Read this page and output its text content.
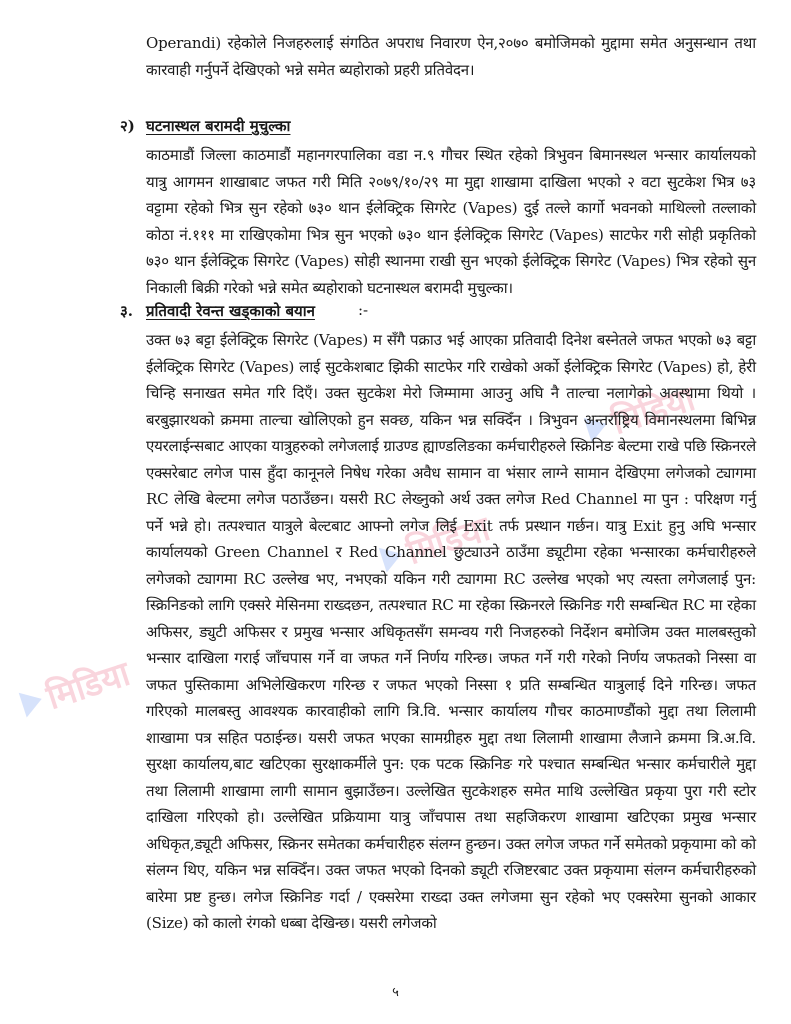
मिडिया
मिडिया
मिडिया

Operandi) रहेकोले निजहरुलाई संगठित अपराध निवारण ऐन,२०७० बमोजिमको मुद्दामा समेत अनुसन्धान तथा कारवाही गर्नुपर्ने देखिएको भन्ने समेत ब्यहोराको प्रहरी प्रतिवेदन।

२) घटनास्थल बरामदी मुचुल्का

काठमाडौं जिल्ला काठमाडौं महानगरपालिका वडा न.९ गौचर स्थित रहेको त्रिभुवन बिमानस्थल भन्सार कार्यालयको यात्रु आगमन शाखाबाट जफत गरी मिति २०७९/१०/२९ मा मुद्दा शाखामा दाखिला भएको २ वटा सुटकेश भित्र ७३ वट्टामा रहेको भित्र सुन रहेको ७३० थान ईलेक्ट्रिक सिगरेट (Vapes) दुई तल्ले कार्गो भवनको माथिल्लो तल्लाको कोठा नं.१११ मा राखिएकोमा भित्र सुन भएको ७३० थान ईलेक्ट्रिक सिगरेट (Vapes) साटफेर गरी सोही प्रकृतिको ७३० थान ईलेक्ट्रिक सिगरेट (Vapes) सोही स्थानमा राखी सुन भएको ईलेक्ट्रिक सिगरेट (Vapes) भित्र रहेको सुन निकाली बिक्री गरेको भन्ने समेत ब्यहोराको घटनास्थल बरामदी मुचुल्का।

३. प्रतिवादी रेवन्त खड्काको बयान	:-

उक्त ७३ बट्टा ईलेक्ट्रिक सिगरेट (Vapes) म सँगै पक्राउ भई आएका प्रतिवादी दिनेश बस्नेतले जफत भएको ७३ बट्टा ईलेक्ट्रिक सिगरेट (Vapes) लाई सुटकेशबाट झिकी साटफेर गरि राखेको अर्को ईलेक्ट्रिक सिगरेट (Vapes) हो, हेरी चिन्हि सनाखत समेत गरि दिएँ। उक्त सुटकेश मेरो जिम्मामा आउनु अघि नै ताल्चा नलागेको अवस्थामा थियो । बरबुझारथको क्रममा ताल्चा खोलिएको हुन सक्छ, यकिन भन्न सक्दिँन । त्रिभुवन अन्तर्राष्ट्रिय विमानस्थलमा बिभिन्न एयरलाईन्सबाट आएका यात्रुहरुको लगेजलाई ग्राउण्ड ह्याण्डलिङका कर्मचारीहरुले स्क्रिनिङ बेल्टमा राखे पछि स्क्रिनरले एक्सरेबाट लगेज पास हुँदा कानूनले निषेध गरेका अवैध सामान वा भंसार लाग्ने सामान देखिएमा लगेजको ट्यागमा RC लेखि बेल्टमा लगेज पठाउँछन। यसरी RC लेख्नुको अर्थ उक्त लगेज Red Channel मा पुन : परिक्षण गर्नु पर्ने भन्ने हो। तत्पश्चात यात्रुले बेल्टबाट आफ्नो लगेज लिई Exit तर्फ प्रस्थान गर्छन। यात्रु Exit हुनु अघि भन्सार कार्यालयको Green Channel र Red Channel छुट्याउने ठाउँमा ड्यूटीमा रहेका भन्सारका कर्मचारीहरुले लगेजको ट्यागमा RC उल्लेख भए, नभएको यकिन गरी ट्यागमा RC उल्लेख भएको भए त्यस्ता लगेजलाई पुन: स्क्रिनिङको लागि एक्सरे मेसिनमा राख्दछन, तत्पश्चात RC मा रहेका स्क्रिनरले स्क्रिनिङ गरी सम्बन्धित RC मा रहेका अफिसर, ड्युटी अफिसर र प्रमुख भन्सार अधिकृतसँग समन्वय गरी निजहरुको निर्देशन बमोजिम उक्त मालबस्तुको भन्सार दाखिला गराई जाँचपास गर्ने वा जफत गर्ने निर्णय गरिन्छ। जफत गर्ने गरी गरेको निर्णय जफतको निस्सा वा जफत पुस्तिकामा अभिलेखिकरण गरिन्छ र जफत भएको निस्सा १ प्रति सम्बन्धित यात्रुलाई दिने गरिन्छ। जफत गरिएको मालबस्तु आवश्यक कारवाहीको लागि त्रि.वि. भन्सार कार्यालय गौचर काठमाण्डौंको मुद्दा तथा लिलामी शाखामा पत्र सहित पठाईन्छ। यसरी जफत भएका सामग्रीहरु मुद्दा तथा लिलामी शाखामा लैजाने क्रममा त्रि.अ.वि. सुरक्षा कार्यालय,बाट खटिएका सुरक्षाकर्मीले पुन: एक पटक स्क्रिनिङ गरे पश्चात सम्बन्धित भन्सार कर्मचारीले मुद्दा तथा लिलामी शाखामा लागी सामान बुझाउँछन। उल्लेखित सुटकेशहरु समेत माथि उल्लेखित प्रकृया पुरा गरी स्टोर दाखिला गरिएको हो। उल्लेखित प्रक्रियामा यात्रु जाँचपास तथा सहजिकरण शाखामा खटिएका प्रमुख भन्सार अधिकृत,ड्यूटी अफिसर, स्क्रिनर समेतका कर्मचारीहरु संलग्न हुन्छन। उक्त लगेज जफत गर्ने समेतको प्रकृयामा को को संलग्न थिए, यकिन भन्न सक्दिँन। उक्त जफत भएको दिनको ड्यूटी रजिष्टरबाट उक्त प्रकृयामा संलग्न कर्मचारीहरुको बारेमा प्रष्ट हुन्छ। लगेज स्क्रिनिङ गर्दा / एक्सरेमा राख्दा उक्त लगेजमा सुन रहेको भए एक्सरेमा सुनको आकार (Size) को कालो रंगको धब्बा देखिन्छ। यसरी लगेजको

५
